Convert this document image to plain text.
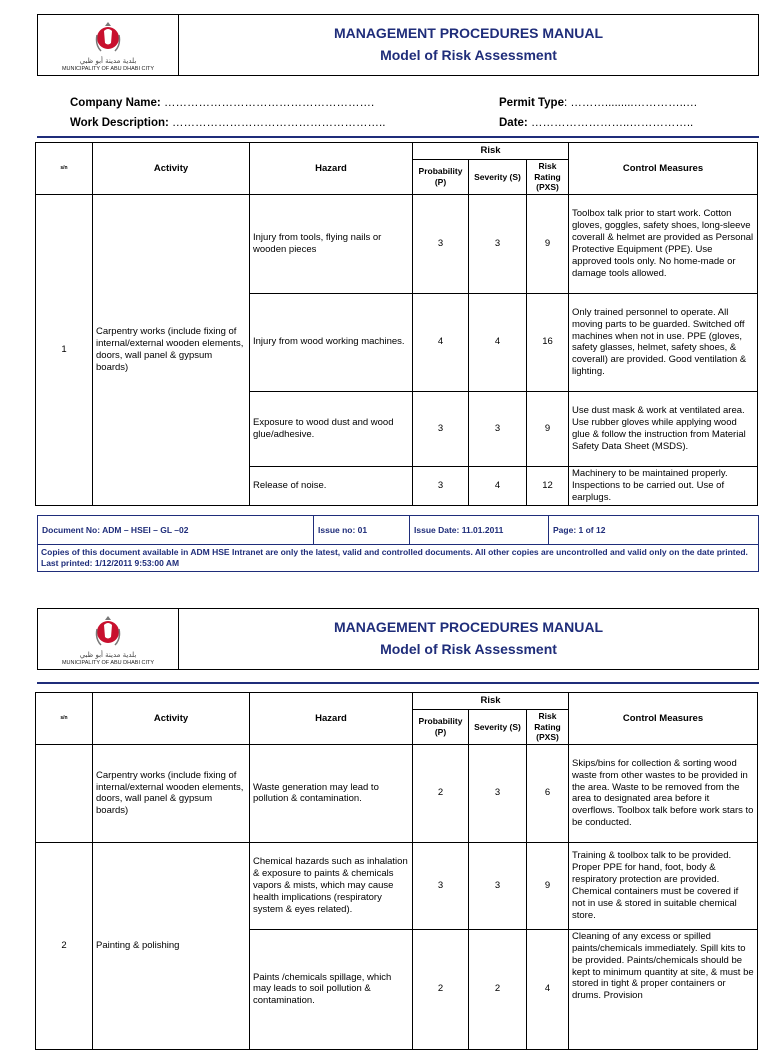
بلدية مدينة أبو ظبي
MUNICIPALITY OF ABU DHABI CITY
MANAGEMENT PROCEDURES MANUAL
Model of Risk Assessment
Company Name: ……………………………………………….
Work Description: ………………………………………………..
Permit Type: ……….........…………..…
Date: ……………………..……………..
s/n	Activity	Hazard	Risk			Control Measures
			Probability (P)	Severity (S)	Risk Rating (PXS)	
1	Carpentry works (include fixing of internal/external wooden elements, doors, wall panel & gypsum boards)	Injury from tools, flying nails or wooden pieces	3	3	9	Toolbox talk prior to start work. Cotton gloves, goggles, safety shoes, long-sleeve coverall & helmet are provided as Personal Protective Equipment (PPE). Use approved tools only. No home-made or damage tools allowed.
		Injury from wood working machines.	4	4	16	Only trained personnel to operate. All moving parts to be guarded. Switched off machines when not in use. PPE (gloves, safety glasses, helmet, safety shoes, & coverall) are provided. Good ventilation & lighting.
		Exposure to wood dust and wood glue/adhesive.	3	3	9	Use dust mask & work at ventilated area. Use rubber gloves while applying wood glue & follow the instruction from Material Safety Data Sheet (MSDS).
		Release of noise.	3	4	12	Machinery to be maintained properly. Inspections to be carried out. Use of earplugs.
Document No: ADM – HSEI – GL –02	Issue no: 01	Issue Date: 11.01.2011	Page: 1 of 12
Copies of this document available in ADM HSE Intranet are only the latest, valid and controlled documents. All other copies are uncontrolled and valid only on the date printed. Last printed: 1/12/2011 9:53:00 AM
بلدية مدينة أبو ظبي
MUNICIPALITY OF ABU DHABI CITY
MANAGEMENT PROCEDURES MANUAL
Model of Risk Assessment
s/n	Activity	Hazard	Risk			Control Measures
			Probability (P)	Severity (S)	Risk Rating (PXS)	
	Carpentry works (include fixing of internal/external wooden elements, doors, wall panel & gypsum boards)	Waste generation may lead to pollution & contamination.	2	3	6	Skips/bins for collection & sorting wood waste from other wastes to be provided in the area. Waste to be removed from the area to designated area before it overflows. Toolbox talk before work stars to be conducted.
2	Painting & polishing	Chemical hazards such as inhalation & exposure to paints & chemicals vapors & mists, which may cause health implications (respiratory system & eyes related).	3	3	9	Training & toolbox talk to be provided. Proper PPE for hand, foot, body & respiratory protection are provided. Chemical containers must be covered if not in use & stored in suitable chemical store.
		Paints /chemicals spillage, which may leads to soil pollution & contamination.	2	2	4	Cleaning of any excess or spilled paints/chemicals immediately. Spill kits to be provided. Paints/chemicals should be kept to minimum quantity at site, & must be stored in tight & proper containers or drums. Provision
